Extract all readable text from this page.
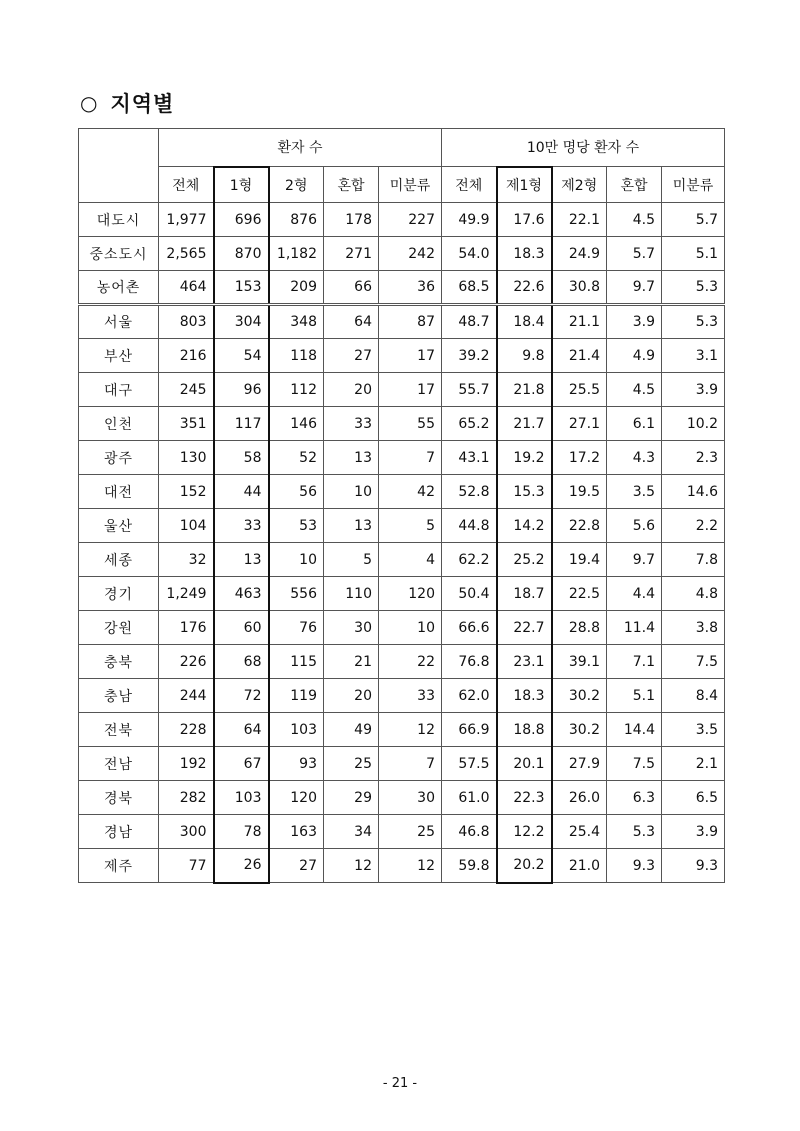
○ 지역별
	환자 수					10만 명당 환자 수				
	전체	1형	2형	혼합	미분류	전체	제1형	제2형	혼합	미분류
대도시	1,977	696	876	178	227	49.9	17.6	22.1	4.5	5.7
중소도시	2,565	870	1,182	271	242	54.0	18.3	24.9	5.7	5.1
농어촌	464	153	209	66	36	68.5	22.6	30.8	9.7	5.3
서울	803	304	348	64	87	48.7	18.4	21.1	3.9	5.3
부산	216	54	118	27	17	39.2	9.8	21.4	4.9	3.1
대구	245	96	112	20	17	55.7	21.8	25.5	4.5	3.9
인천	351	117	146	33	55	65.2	21.7	27.1	6.1	10.2
광주	130	58	52	13	7	43.1	19.2	17.2	4.3	2.3
대전	152	44	56	10	42	52.8	15.3	19.5	3.5	14.6
울산	104	33	53	13	5	44.8	14.2	22.8	5.6	2.2
세종	32	13	10	5	4	62.2	25.2	19.4	9.7	7.8
경기	1,249	463	556	110	120	50.4	18.7	22.5	4.4	4.8
강원	176	60	76	30	10	66.6	22.7	28.8	11.4	3.8
충북	226	68	115	21	22	76.8	23.1	39.1	7.1	7.5
충남	244	72	119	20	33	62.0	18.3	30.2	5.1	8.4
전북	228	64	103	49	12	66.9	18.8	30.2	14.4	3.5
전남	192	67	93	25	7	57.5	20.1	27.9	7.5	2.1
경북	282	103	120	29	30	61.0	22.3	26.0	6.3	6.5
경남	300	78	163	34	25	46.8	12.2	25.4	5.3	3.9
제주	77	26	27	12	12	59.8	20.2	21.0	9.3	9.3
- 21 -
